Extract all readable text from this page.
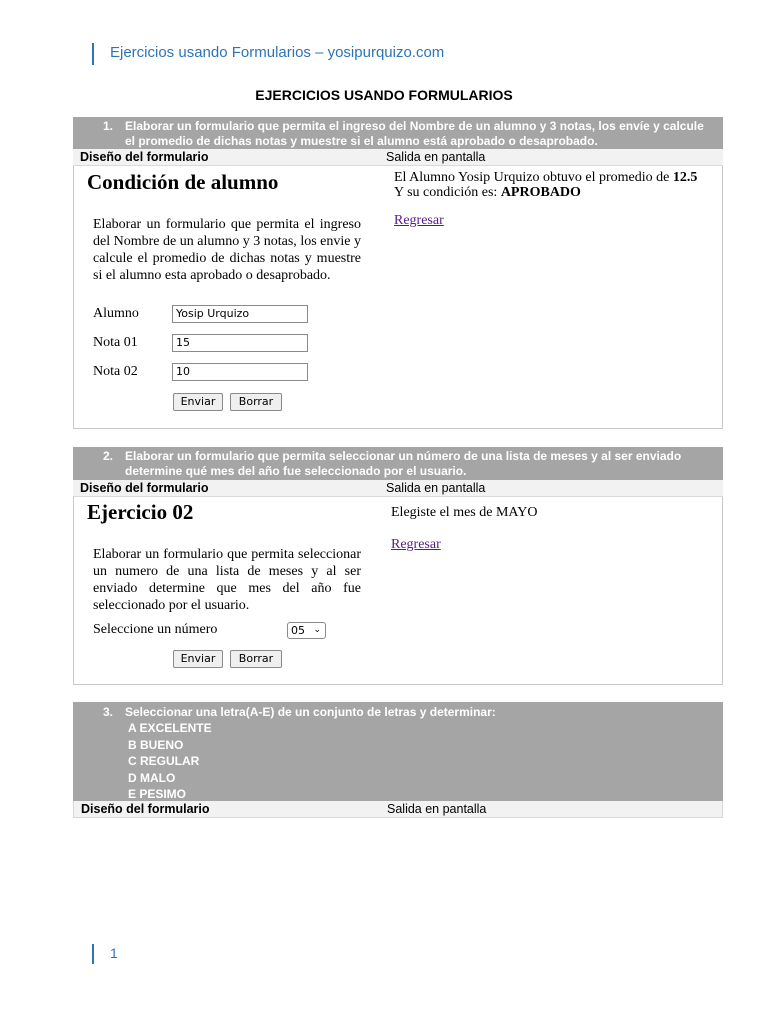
Ejercicios usando Formularios – yosipurquizo.com
EJERCICIOS USANDO FORMULARIOS
1. Elaborar un formulario que permita el ingreso del Nombre de un alumno y 3 notas, los envíe y calcule
el promedio de dichas notas y muestre si el alumno está aprobado o desaprobado.
Diseño del formulario	Salida en pantalla
Condición de alumno
Elaborar un formulario que permita el ingreso del Nombre de un alumno y 3 notas, los envie y calcule el promedio de dichas notas y muestre si el alumno esta aprobado o desaprobado.
Alumno	Yosip Urquizo
Nota 01	15
Nota 02	10
Enviar	Borrar
El Alumno Yosip Urquizo obtuvo el promedio de 12.5
Y su condición es: APROBADO
Regresar
2. Elaborar un formulario que permita seleccionar un número de una lista de meses y al ser enviado
determine qué mes del año fue seleccionado por el usuario.
Diseño del formulario	Salida en pantalla
Ejercicio 02
Elaborar un formulario que permita seleccionar un numero de una lista de meses y al ser enviado determine que mes del año fue seleccionado por el usuario.
Seleccione un número	05 ⌄
Enviar	Borrar
Elegiste el mes de MAYO
Regresar
3. Seleccionar una letra(A-E) de un conjunto de letras y determinar:
A EXCELENTE
B BUENO
C REGULAR
D MALO
E PESIMO
Diseño del formulario	Salida en pantalla
1
